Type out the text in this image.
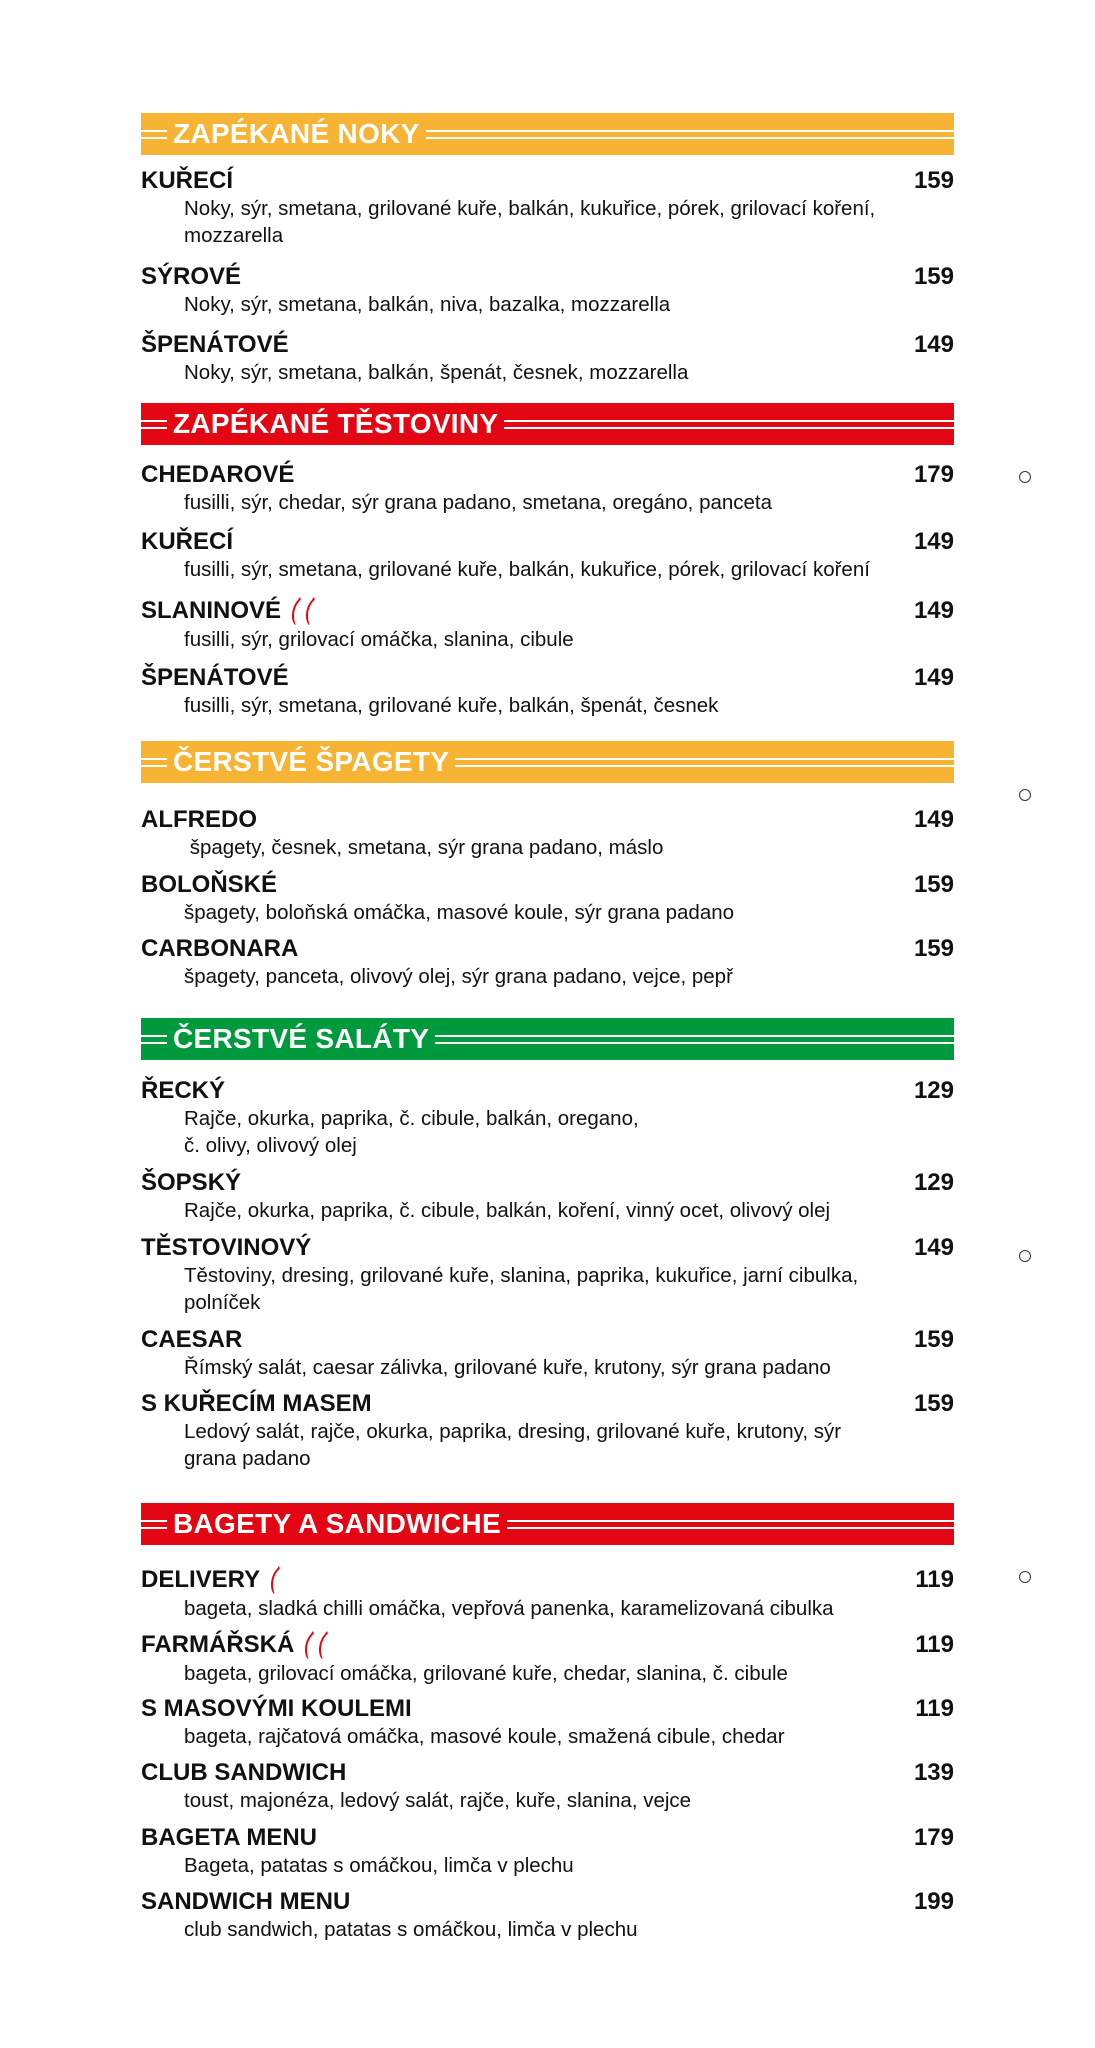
ZAPÉKANÉ NOKY
KUŘECÍ	159
Noky, sýr, smetana, grilované kuře, balkán, kukuřice, pórek, grilovací koření,
mozzarella
SÝROVÉ	159
Noky, sýr, smetana, balkán, niva, bazalka, mozzarella
ŠPENÁTOVÉ	149
Noky, sýr, smetana, balkán, špenát, česnek, mozzarella
ZAPÉKANÉ TĚSTOVINY
CHEDAROVÉ	179
fusilli, sýr, chedar, sýr grana padano, smetana, oregáno, panceta
KUŘECÍ	149
fusilli, sýr, smetana, grilované kuře, balkán, kukuřice, pórek, grilovací koření
SLANINOVÉ	149
fusilli, sýr, grilovací omáčka, slanina, cibule
ŠPENÁTOVÉ	149
fusilli, sýr, smetana, grilované kuře, balkán, špenát, česnek
ČERSTVÉ ŠPAGETY
ALFREDO	149
špagety, česnek, smetana, sýr grana padano, máslo
BOLOŇSKÉ	159
špagety, boloňská omáčka, masové koule, sýr grana padano
CARBONARA	159
špagety, panceta, olivový olej, sýr grana padano, vejce, pepř
ČERSTVÉ SALÁTY
ŘECKÝ	129
Rajče, okurka, paprika, č. cibule, balkán, oregano,
č. olivy, olivový olej
ŠOPSKÝ	129
Rajče, okurka, paprika, č. cibule, balkán, koření, vinný ocet, olivový olej
TĚSTOVINOVÝ	149
Těstoviny, dresing, grilované kuře, slanina, paprika, kukuřice, jarní cibulka,
polníček
CAESAR	159
Římský salát, caesar zálivka, grilované kuře, krutony, sýr grana padano
S KUŘECÍM MASEM	159
Ledový salát, rajče, okurka, paprika, dresing, grilované kuře, krutony, sýr
grana padano
BAGETY A SANDWICHE
DELIVERY	119
bageta, sladká chilli omáčka, vepřová panenka, karamelizovaná cibulka
FARMÁŘSKÁ	119
bageta, grilovací omáčka, grilované kuře, chedar, slanina, č. cibule
S MASOVÝMI KOULEMI	119
bageta, rajčatová omáčka, masové koule, smažená cibule, chedar
CLUB SANDWICH	139
toust, majonéza, ledový salát, rajče, kuře, slanina, vejce
BAGETA MENU	179
Bageta, patatas s omáčkou, limča v plechu
SANDWICH MENU	199
club sandwich, patatas s omáčkou, limča v plechu
